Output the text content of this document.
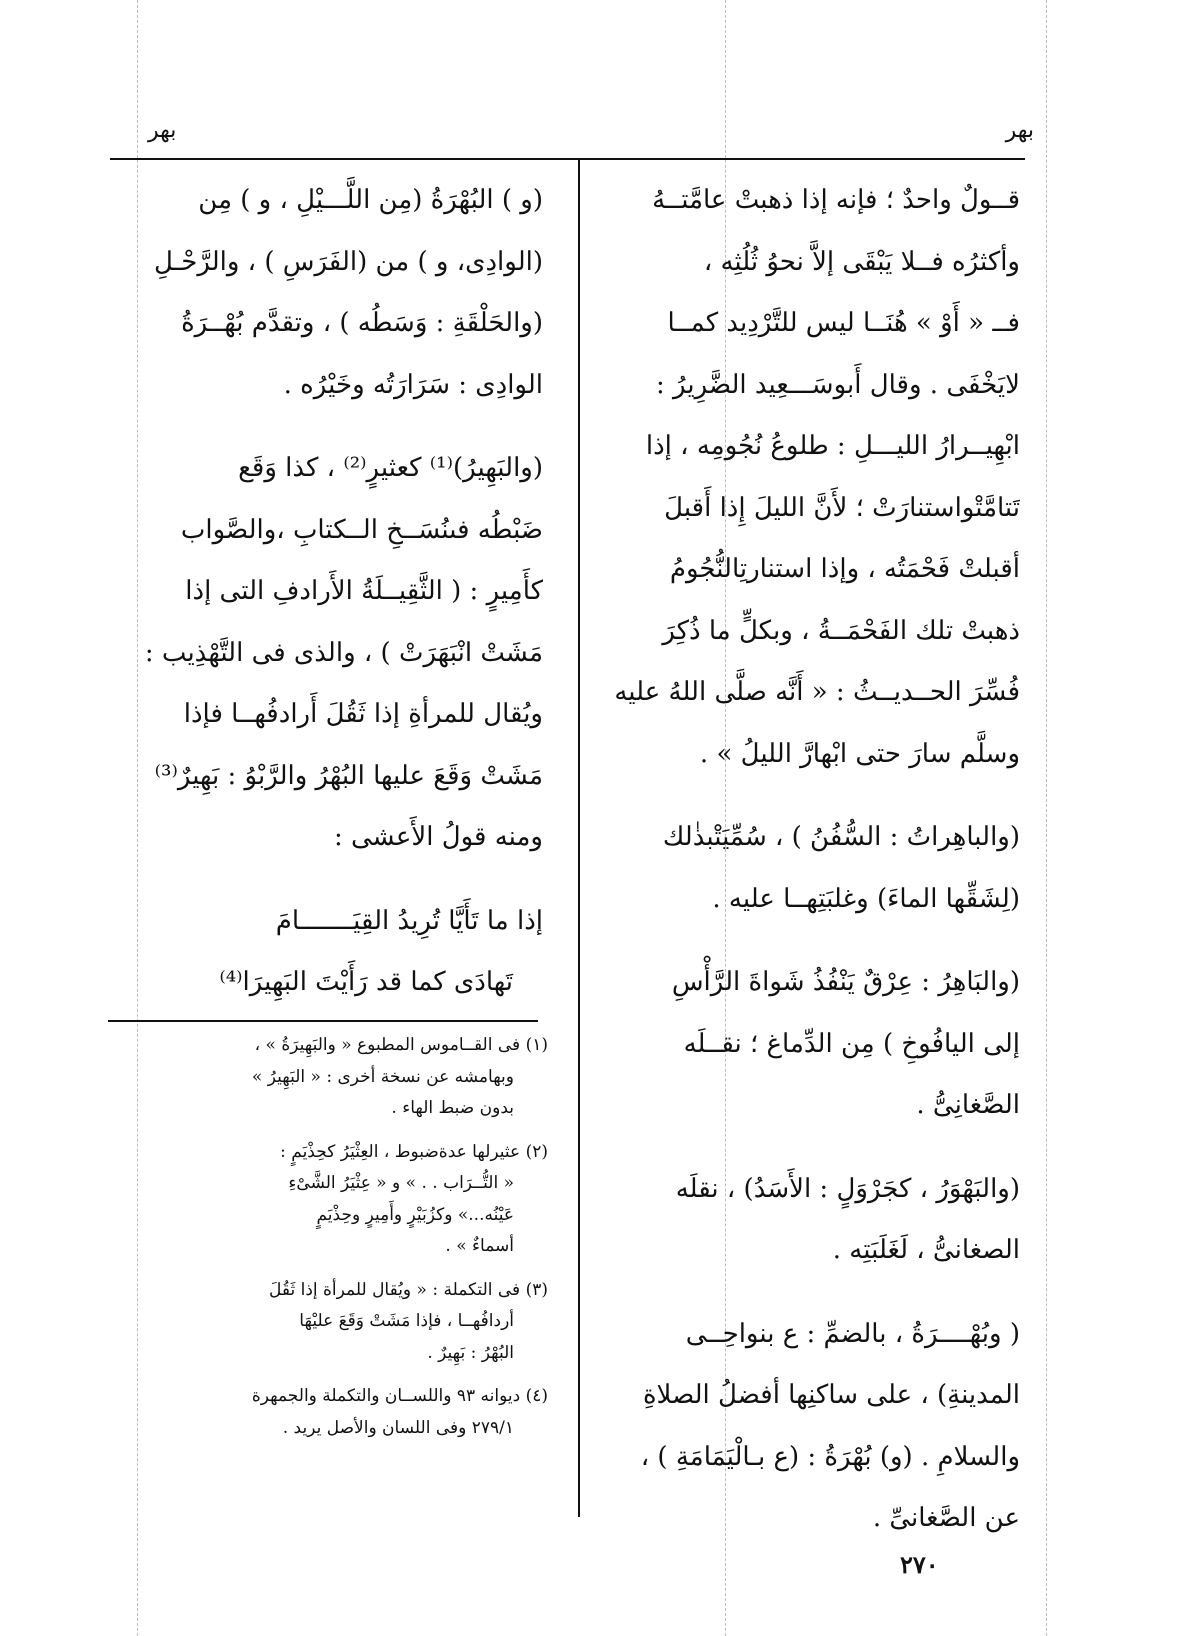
بهر
بهر
قــولٌ واحدٌ ؛ فإنه إذا ذهبتْ عامَّتــهُ
وأكثرُه فــلا يَبْقَى إلاَّ نحوُ ثُلُثِه ،
فــ « أَوْ » هُنَــا ليس للتَّرْدِيد كمــا
لايَخْفَى . وقال أَبوسَـــعِيد الضَّرِيرُ :
ابْهِيــرارُ الليـــلِ : طلوعُ نُجُومِه ، إذا
تَتامَّتْواستنارَتْ ؛ لأَنَّ الليلَ إِذا أَقبلَ
أقبلتْ فَحْمَتُه ، وإذا استنارتِالنُّجُومُ
ذهبتْ تلك الفَحْمَــةُ ، وبكلٍّ ما ذُكِرَ
فُسِّرَ الحــديــثُ : « أَنَّه صلَّى اللهُ عليه
وسلَّم سارَ حتى ابْهارَّ الليلُ » .
(والباهِراتُ : السُّفُنُ ) ، سُمِّيَتْبذٰلك
(لِشَقِّها الماءَ) وغلبَتِهــا عليه .
(والبَاهِرُ : عِرْقٌ يَنْفُذُ شَواةَ الرَّأْسِ
إلى اليافُوخِ ) مِن الدِّماغ ؛ نقــلَه
الصَّغانِىُّ .
(والبَهْوَرُ ، كجَرْوَلٍ : الأَسَدُ) ، نقلَه
الصغانىُّ ، لَغَلَبَتِه .
( وبُهْــــرَةُ ، بالضمِّ : ع بنواحِــى
المدينةِ) ، على ساكنِها أفضلُ الصلاةِ
والسلامِ . (و) بُهْرَةُ : (ع بـالْيَمَامَةِ ) ،
عن الصَّغانىِّ .
(و ) البُهْرَةُ (مِن اللَّـــيْلِ ، و ) مِن
(الوادِى، و ) من (الفَرَسِ ) ، والرَّحْـلِ
(والحَلْقَةِ : وَسَطُه ) ، وتقدَّم بُهْــرَةُ
الوادِى : سَرَارَتُه وخَيْرُه .
(والبَهِيرُ)⁽¹⁾ كعثيرٍ⁽²⁾ ، كذا وَقَع
ضَبْطُه فىنُسَــخِ الــكتابِ ،والصَّواب
كأَمِيرٍ : ( الثَّقِيــلَةُ الأَرادفِ التى إذا
مَشَتْ انْبَهَرَتْ ) ، والذى فى التَّهْذِيب :
ويُقال للمرأةِ إذا ثَقُلَ أَرادفُهــا فإذا
مَشَتْ وَقَعَ عليها البُهْرُ والرَّبْوُ : بَهِيرٌ⁽³⁾
ومنه قولُ الأَعشى :
إذا ما تَأَيَّا تُرِيدُ القِيَـــــــامَ
تَهادَى كما قد رَأَيْتَ البَهِيرَا⁽⁴⁾
(١) فى القــاموس المطبوع « والبَهِيرَةُ » ،
وبهامشه عن نسخة أخرى : « البَهِيرُ »
بدون ضبط الهاء .
(٢) عثيرلها عدةضبوط ، العِثْيَرُ كحِذْيَمٍ :
« التُّــرَاب . . » و « عِثْيَرُ الشَّىْءِ
عَيْنُه...» وكزُبَيْرٍ وأَمِيرٍ وحِذْيَمٍ
أسماءٌ » .
(٣) فى التكملة : « ويُقال للمرأة إذا ثَقُلَ
أردافُهــا ، فإذا مَشَتْ وَقَعَ عليْهَا
البُهْرُ : بَهِيرٌ .
(٤) ديوانه ٩٣ واللســان والتكملة والجمهرة
٢٧٩/١ وفى اللسان والأصل يريد .
٢٧٠
